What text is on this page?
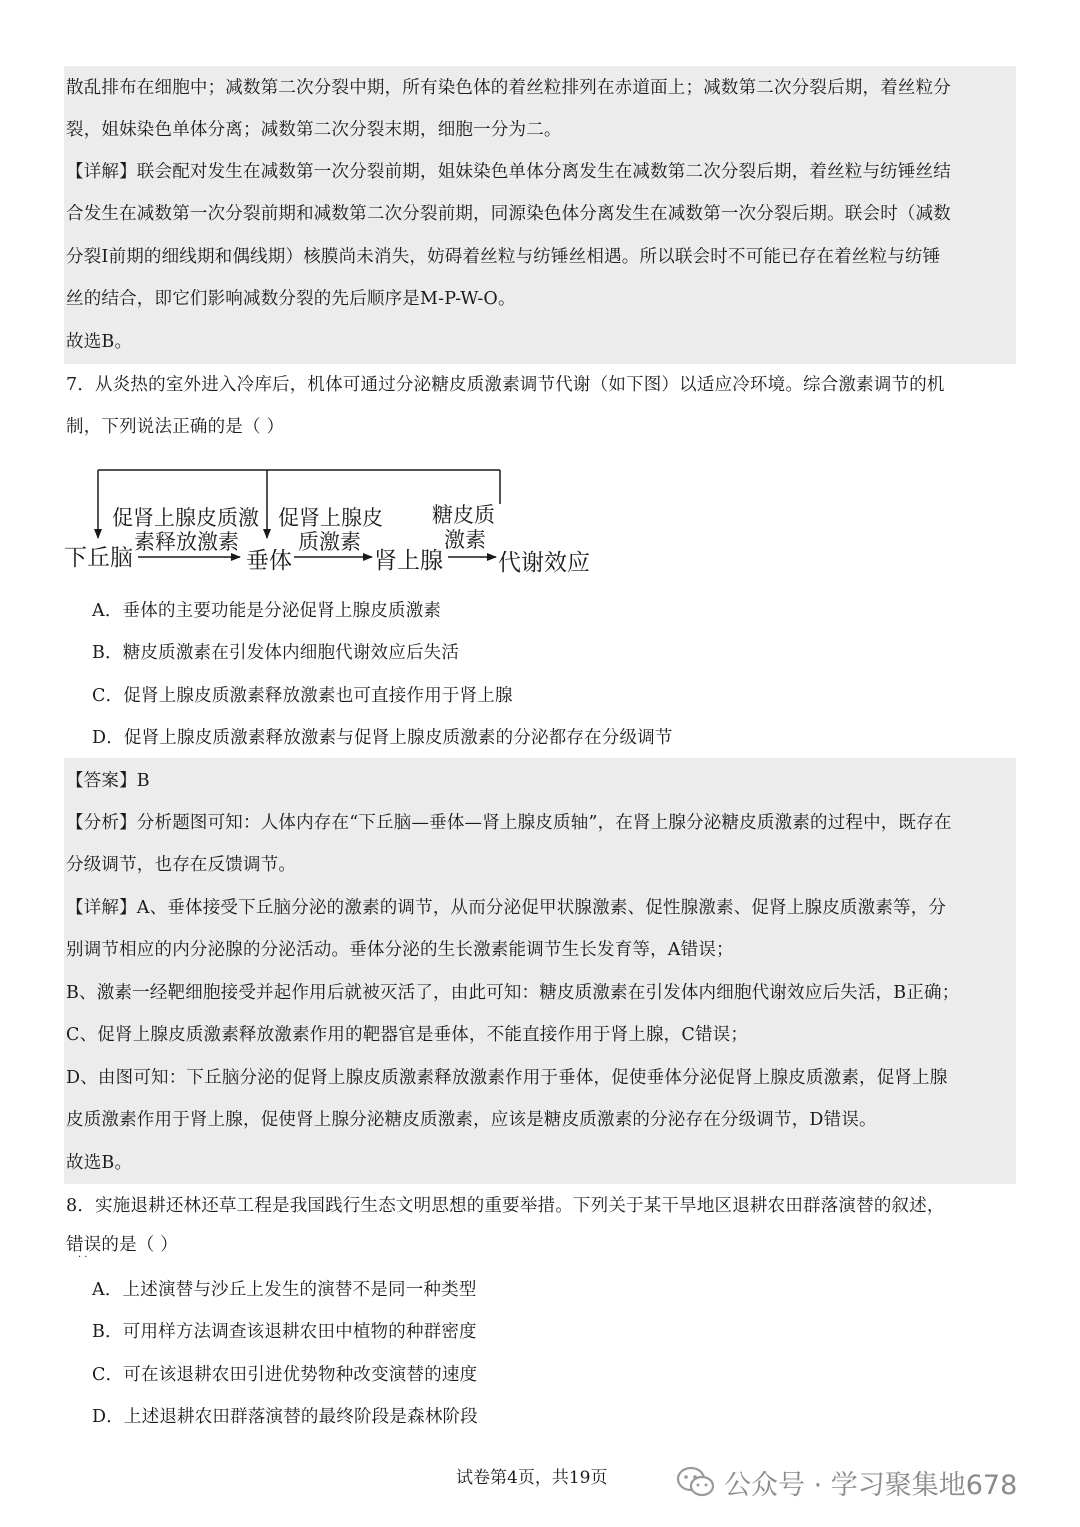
散乱排布在细胞中；减数第二次分裂中期，所有染色体的着丝粒排列在赤道面上；减数第二次分裂后期，着丝粒分
裂，姐妹染色单体分离；减数第二次分裂末期，细胞一分为二。
【详解】联会配对发生在减数第一次分裂前期，姐妹染色单体分离发生在减数第二次分裂后期，着丝粒与纺锤丝结
合发生在减数第一次分裂前期和减数第二次分裂前期，同源染色体分离发生在减数第一次分裂后期。联会时（减数
分裂Ⅰ前期的细线期和偶线期）核膜尚未消失，妨碍着丝粒与纺锤丝相遇。所以联会时不可能已存在着丝粒与纺锤
丝的结合，即它们影响减数分裂的先后顺序是M-P-W-O。
故选B。
7．从炎热的室外进入冷库后，机体可通过分泌糖皮质激素调节代谢（如下图）以适应冷环境。综合激素调节的机
制，下列说法正确的是（ ）
促肾上腺皮质激
素释放激素
促肾上腺皮
质激素
糖皮质
激素
下丘脑	垂体	肾上腺 代谢效应
A．垂体的主要功能是分泌促肾上腺皮质激素
B．糖皮质激素在引发体内细胞代谢效应后失活
C．促肾上腺皮质激素释放激素也可直接作用于肾上腺
D．促肾上腺皮质激素释放激素与促肾上腺皮质激素的分泌都存在分级调节
【答案】B
【分析】分析题图可知：人体内存在“下丘脑—垂体—肾上腺皮质轴”，在肾上腺分泌糖皮质激素的过程中，既存在
分级调节，也存在反馈调节。
【详解】A、垂体接受下丘脑分泌的激素的调节，从而分泌促甲状腺激素、促性腺激素、促肾上腺皮质激素等，分
别调节相应的内分泌腺的分泌活动。垂体分泌的生长激素能调节生长发育等，A错误；
B、激素一经靶细胞接受并起作用后就被灭活了，由此可知：糖皮质激素在引发体内细胞代谢效应后失活，B正确；
C、促肾上腺皮质激素释放激素作用的靶器官是垂体，不能直接作用于肾上腺，C错误；
D、由图可知：下丘脑分泌的促肾上腺皮质激素释放激素作用于垂体，促使垂体分泌促肾上腺皮质激素，促肾上腺
皮质激素作用于肾上腺，促使肾上腺分泌糖皮质激素，应该是糖皮质激素的分泌存在分级调节，D错误。
故选B。
8．实施退耕还林还草工程是我国践行生态文明思想的重要举措。下列关于某干旱地区退耕农田群落演替的叙述，
错误的是（ ）
· ·
A．上述演替与沙丘上发生的演替不是同一种类型
B．可用样方法调查该退耕农田中植物的种群密度
C．可在该退耕农田引进优势物种改变演替的速度
D．上述退耕农田群落演替的最终阶段是森林阶段
试卷第4页，共19页	公众号 · 学习聚集地678
